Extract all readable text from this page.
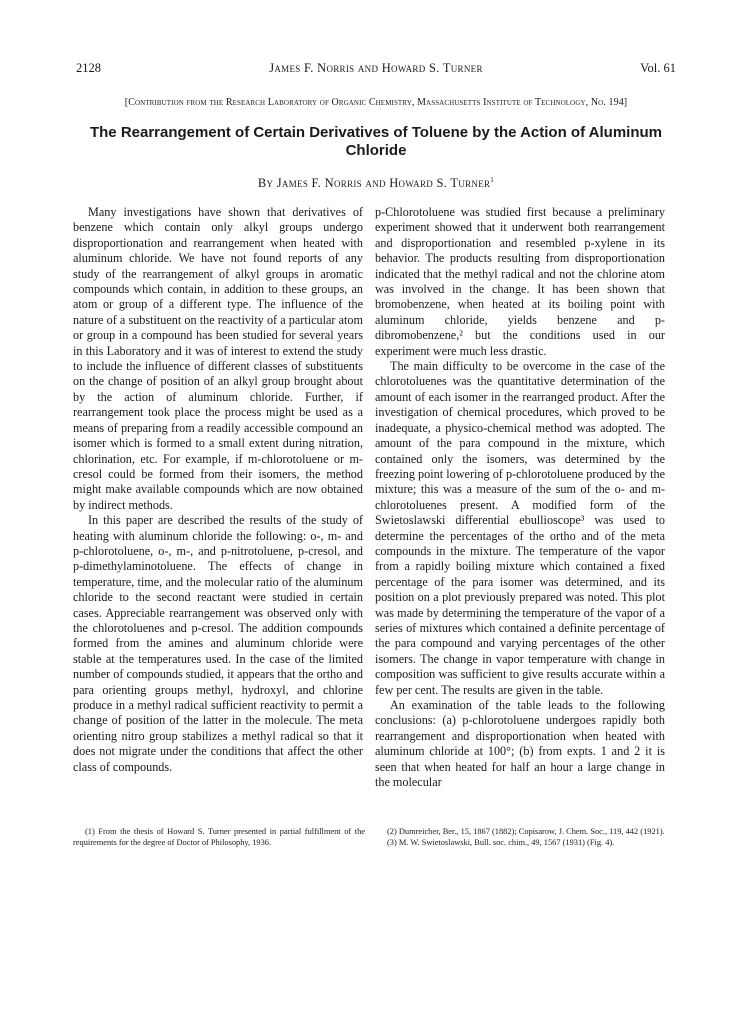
2128	James F. Norris and Howard S. Turner	Vol. 61
[Contribution from the Research Laboratory of Organic Chemistry, Massachusetts Institute of Technology, No. 194]
The Rearrangement of Certain Derivatives of Toluene by the Action of Aluminum Chloride
By James F. Norris and Howard S. Turner$^1$

Many investigations have shown that derivatives of benzene which contain only alkyl groups undergo disproportionation and rearrangement when heated with aluminum chloride. We have not found reports of any study of the rearrangement of alkyl groups in aromatic compounds which contain, in addition to these groups, an atom or group of a different type. The influence of the nature of a substituent on the reactivity of a particular atom or group in a compound has been studied for several years in this Laboratory and it was of interest to extend the study to include the influence of different classes of substituents on the change of position of an alkyl group brought about by the action of aluminum chloride. Further, if rearrangement took place the process might be used as a means of preparing from a readily accessible compound an isomer which is formed to a small extent during nitration, chlorination, etc. For example, if m-chlorotoluene or m-cresol could be formed from their isomers, the method might make available compounds which are now obtained by indirect methods.

In this paper are described the results of the study of heating with aluminum chloride the following: o-, m- and p-chlorotoluene, o-, m-, and p-nitrotoluene, p-cresol, and p-dimethylaminotoluene. The effects of change in temperature, time, and the molecular ratio of the aluminum chloride to the second reactant were studied in certain cases. Appreciable rearrangement was observed only with the chlorotoluenes and p-cresol. The addition compounds formed from the amines and aluminum chloride were stable at the temperatures used. In the case of the limited number of compounds studied, it appears that the ortho and para orienting groups methyl, hydroxyl, and chlorine produce in a methyl radical sufficient reactivity to permit a change of position of the latter in the molecule. The meta orienting nitro group stabilizes a methyl radical so that it does not migrate under the conditions that affect the other class of compounds.

p-Chlorotoluene was studied first because a preliminary experiment showed that it underwent both rearrangement and disproportionation and resembled p-xylene in its behavior. The products resulting from disproportionation indicated that the methyl radical and not the chlorine atom was involved in the change. It has been shown that bromobenzene, when heated at its boiling point with aluminum chloride, yields benzene and p-dibromobenzene,² but the conditions used in our experiment were much less drastic.

The main difficulty to be overcome in the case of the chlorotoluenes was the quantitative determination of the amount of each isomer in the rearranged product. After the investigation of chemical procedures, which proved to be inadequate, a physico-chemical method was adopted. The amount of the para compound in the mixture, which contained only the isomers, was determined by the freezing point lowering of p-chlorotoluene produced by the mixture; this was a measure of the sum of the o- and m-chlorotoluenes present. A modified form of the Swietoslawski differential ebullioscope³ was used to determine the percentages of the ortho and of the meta compounds in the mixture. The temperature of the vapor from a rapidly boiling mixture which contained a fixed percentage of the para isomer was determined, and its position on a plot previously prepared was noted. This plot was made by determining the temperature of the vapor of a series of mixtures which contained a definite percentage of the para compound and varying percentages of the other isomers. The change in vapor temperature with change in composition was sufficient to give results accurate within a few per cent. The results are given in the table.

An examination of the table leads to the following conclusions: (a) p-chlorotoluene undergoes rapidly both rearrangement and disproportionation when heated with aluminum chloride at 100°; (b) from expts. 1 and 2 it is seen that when heated for half an hour a large change in the molecular

(1) From the thesis of Howard S. Turner presented in partial fulfillment of the requirements for the degree of Doctor of Philosophy, 1936.

(2) Dumreicher, Ber., 15, 1867 (1882); Copisarow, J. Chem. Soc., 119, 442 (1921).

(3) M. W. Swietoslawski, Bull. soc. chim., 49, 1567 (1931) (Fig. 4).
